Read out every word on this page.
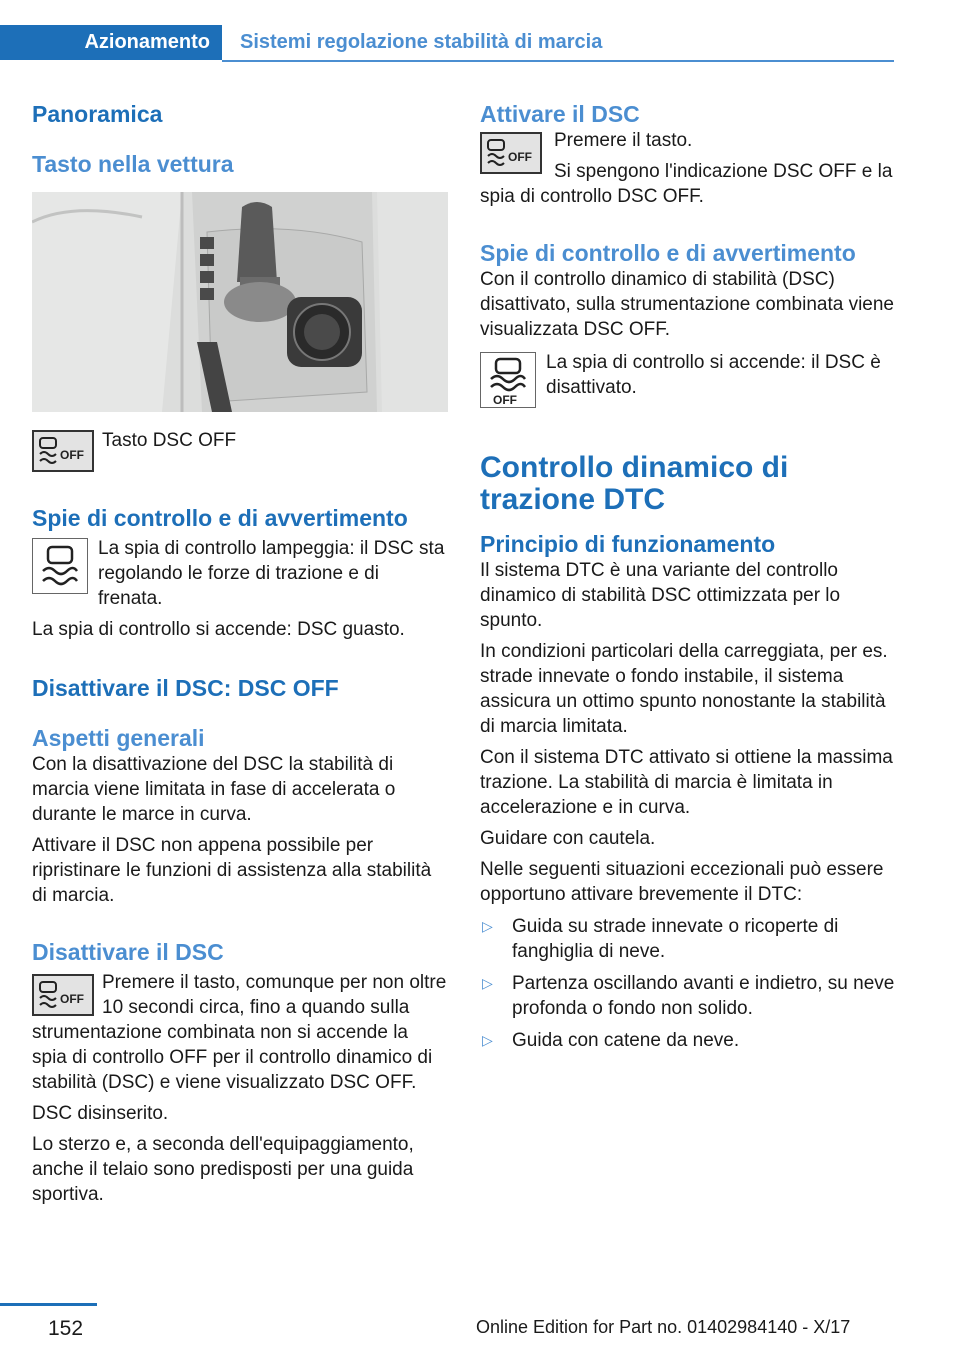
Azionamento	Sistemi regolazione stabilità di marcia
Panoramica
Tasto nella vettura
OFF

Tasto DSC OFF

Spie di controllo e di avvertimento

La spia di controllo lampeggia: il DSC sta regolando le forze di trazione e di frenata.

La spia di controllo si accende: DSC guasto.

Disattivare il DSC: DSC OFF
Aspetti generali

Con la disattivazione del DSC la stabilità di marcia viene limitata in fase di accelerata o durante le marce in curva.

Attivare il DSC non appena possibile per ripristinare le funzioni di assistenza alla stabilità di marcia.

Disattivare il DSC
OFF

Premere il tasto, comunque per non oltre 10 secondi circa, fino a quando sulla strumentazione combinata non si accende la spia di controllo OFF per il controllo dinamico di stabilità (DSC) e viene visualizzato DSC OFF.

DSC disinserito.

Lo sterzo e, a seconda dell'equipaggiamento, anche il telaio sono predisposti per una guida sportiva.

Attivare il DSC
OFF

Premere il tasto.

Si spengono l'indicazione DSC OFF e la spia di controllo DSC OFF.

Spie di controllo e di avvertimento

Con il controllo dinamico di stabilità (DSC) disattivato, sulla strumentazione combinata viene visualizzata DSC OFF.

OFF

La spia di controllo si accende: il DSC è disattivato.

Controllo dinamico di trazione DTC
Principio di funzionamento

Il sistema DTC è una variante del controllo dinamico di stabilità DSC ottimizzata per lo spunto.

In condizioni particolari della carreggiata, per es. strade innevate o fondo instabile, il sistema assicura un ottimo spunto nonostante la stabilità di marcia limitata.

Con il sistema DTC attivato si ottiene la massima trazione. La stabilità di marcia è limitata in accelerazione e in curva.

Guidare con cautela.

Nelle seguenti situazioni eccezionali può essere opportuno attivare brevemente il DTC:

▷	Guida su strade innevate o ricoperte di fanghiglia di neve.
▷	Partenza oscillando avanti e indietro, su neve profonda o fondo non solido.
▷	Guida con catene da neve.
152	Online Edition for Part no. 01402984140 - X/17
